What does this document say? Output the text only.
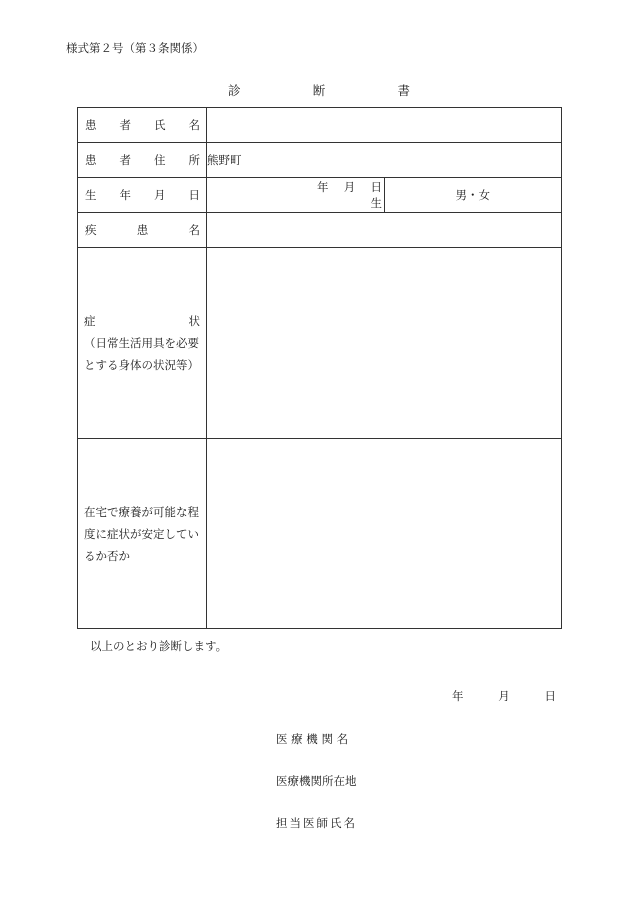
様式第２号（第３条関係）
診	断	書
患 者 氏 名		

患 者 住 所	熊野町	

生 年 月 日	年 月 日生	男・女

疾 患 名		

症 状
（日常生活用具を必要
とする身体の状況等）		

在宅で療養が可能な程
度に症状が安定してい
るか否か		

以上のとおり診断します。
年	月	日
医 療 機 関 名
医療機関所在地
担当医師氏名
